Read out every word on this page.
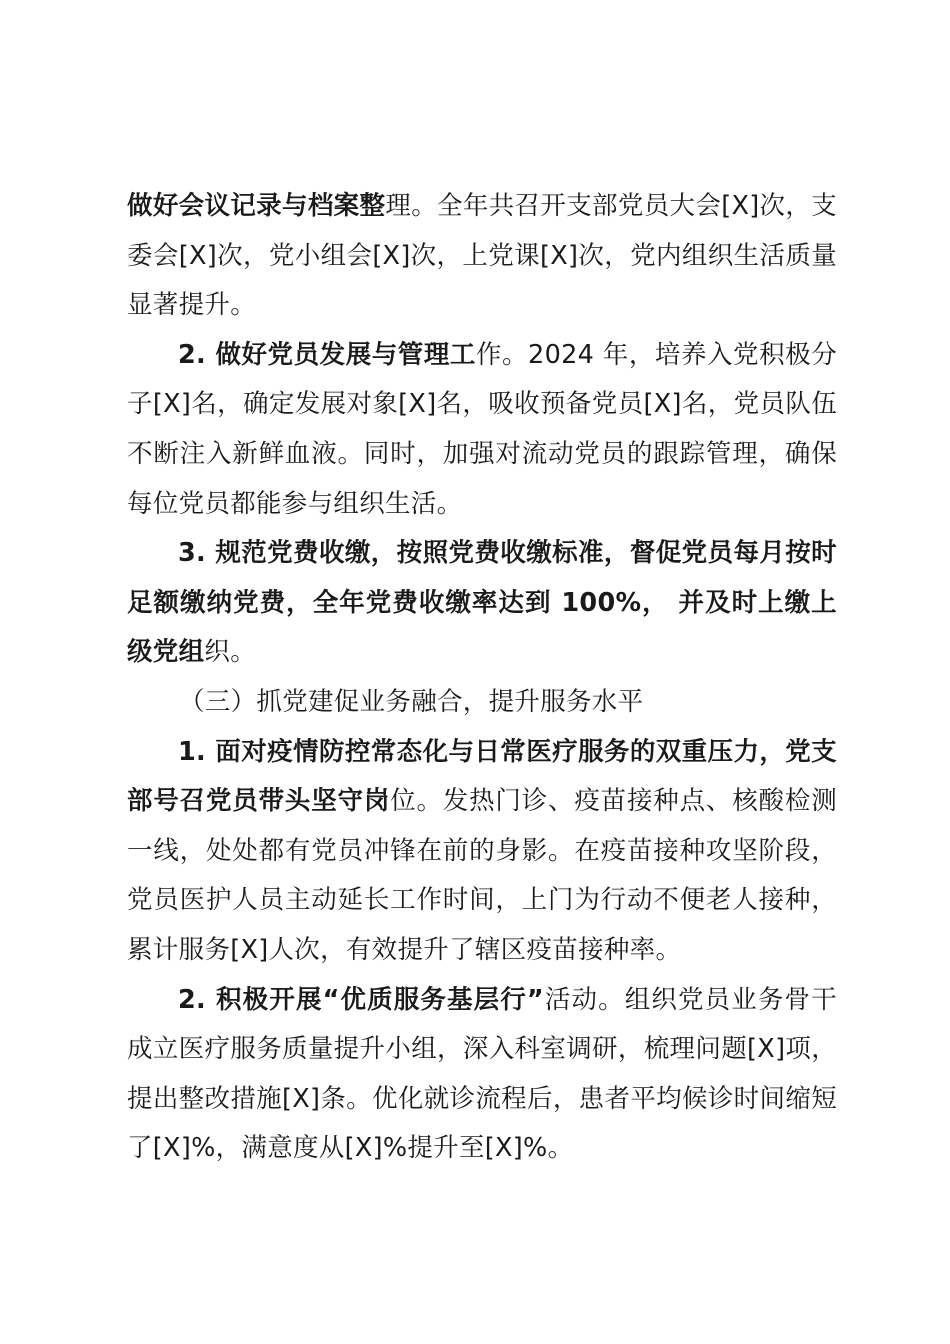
做好会议记录与档案整理。全年共召开支部党员大会[X]次，支委会[X]次，党小组会[X]次，上党课[X]次，党内组织生活质量显著提升。

2. 做好党员发展与管理工作。2024 年，培养入党积极分子[X]名，确定发展对象[X]名，吸收预备党员[X]名，党员队伍不断注入新鲜血液。同时，加强对流动党员的跟踪管理，确保每位党员都能参与组织生活。

3. 规范党费收缴，按照党费收缴标准，督促党员每月按时足额缴纳党费，全年党费收缴率达到 100%， 并及时上缴上级党组织。

（三）抓党建促业务融合，提升服务水平

1. 面对疫情防控常态化与日常医疗服务的双重压力，党支部号召党员带头坚守岗位。发热门诊、疫苗接种点、核酸检测一线，处处都有党员冲锋在前的身影。在疫苗接种攻坚阶段，党员医护人员主动延长工作时间，上门为行动不便老人接种，累计服务[X]人次，有效提升了辖区疫苗接种率。

2. 积极开展“优质服务基层行”活动。组织党员业务骨干成立医疗服务质量提升小组，深入科室调研，梳理问题[X]项，提出整改措施[X]条。优化就诊流程后，患者平均候诊时间缩短了[X]%，满意度从[X]%提升至[X]%。
